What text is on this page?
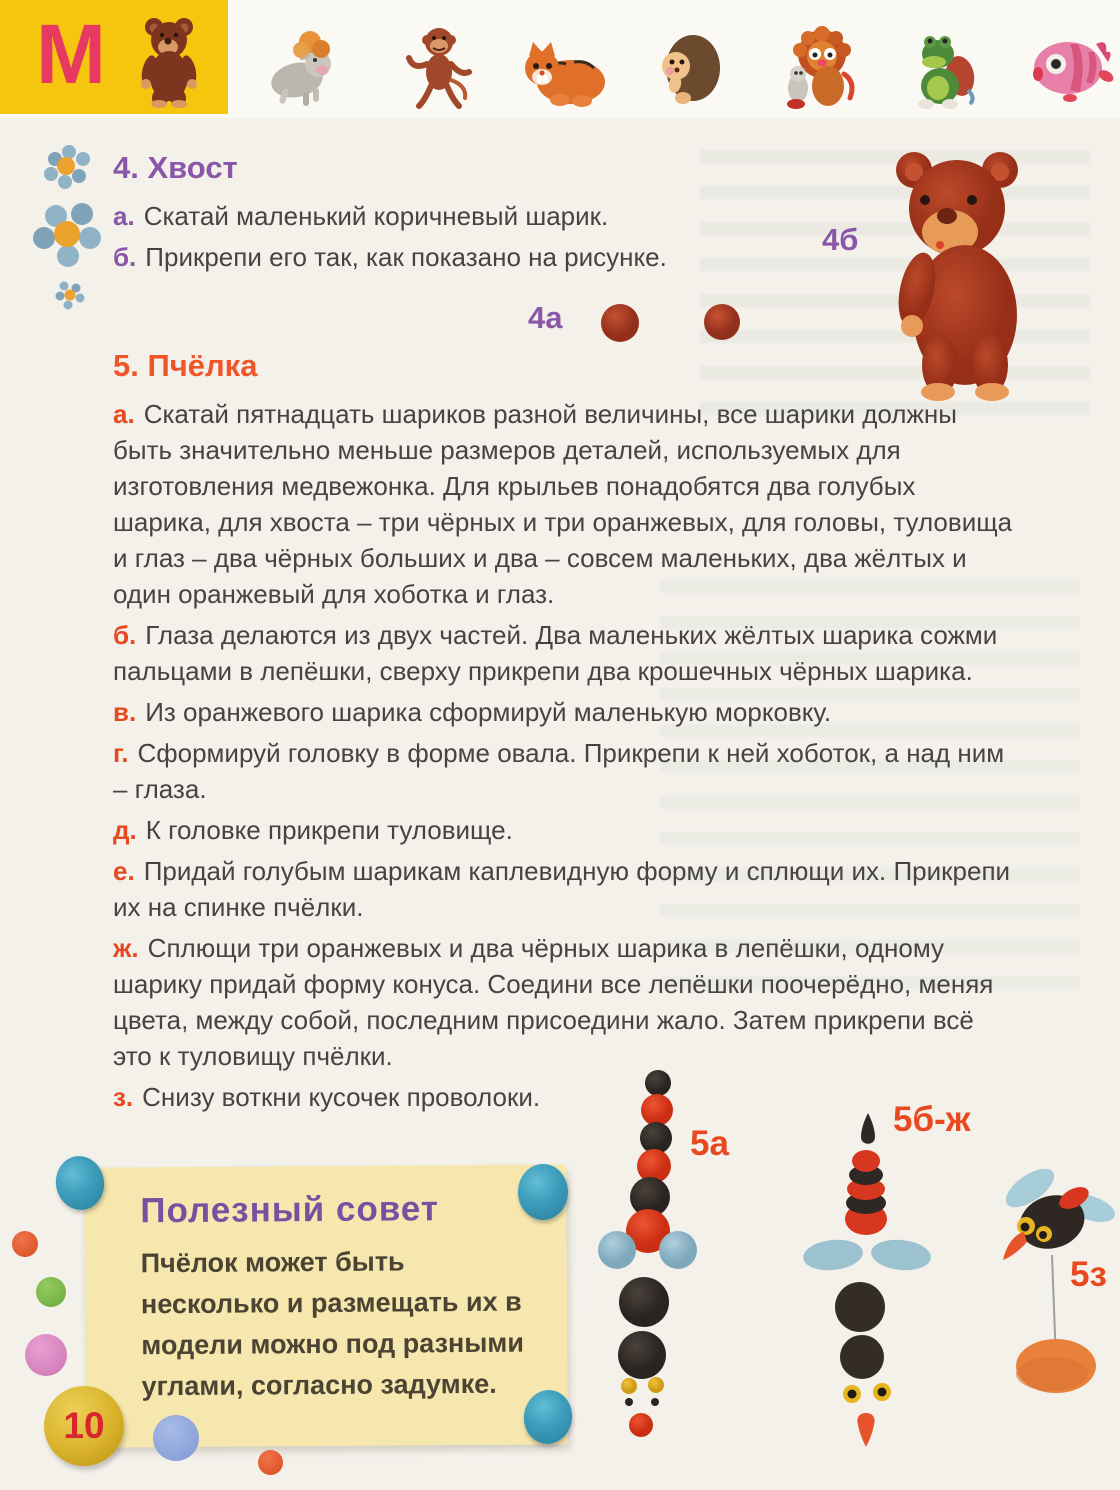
М
4. Хвост

а. Скатай маленький коричневый шарик.

б. Прикрепи его так, как показано на рисунке.	4б
4а
5. Пчёлка

а. Скатай пятнадцать шариков разной величины, все шарики должны быть значительно меньше размеров деталей, используемых для изготовления медвежонка. Для крыльев понадобятся два голубых шарика, для хвоста – три чёрных и три оранжевых, для головы, туловища и глаз – два чёрных больших и два – совсем маленьких, два жёлтых и один оранжевый для хоботка и глаз.

б. Глаза делаются из двух частей. Два маленьких жёлтых шарика сожми пальцами в лепёшки, сверху прикрепи два крошечных чёрных шарика.

в. Из оранжевого шарика сформируй маленькую морковку.

г. Сформируй головку в форме овала. Прикрепи к ней хоботок, а над ним – глаза.

д. К головке прикрепи туловище.

е. Придай голубым шарикам каплевидную форму и сплющи их. Прикрепи их на спинке пчёлки.

ж. Сплющи три оранжевых и два чёрных шарика в лепёшки, одному шарику придай форму конуса. Соедини все лепёшки поочерёдно, меняя цвета, между собой, последним присоедини жало. Затем прикрепи всё это к туловищу пчёлки.

з. Снизу воткни кусочек проволоки.

Полезный совет

Пчёлок может быть несколько и размещать их в модели можно под разными углами, согласно задумке.

10
5а
5б-ж
5з
